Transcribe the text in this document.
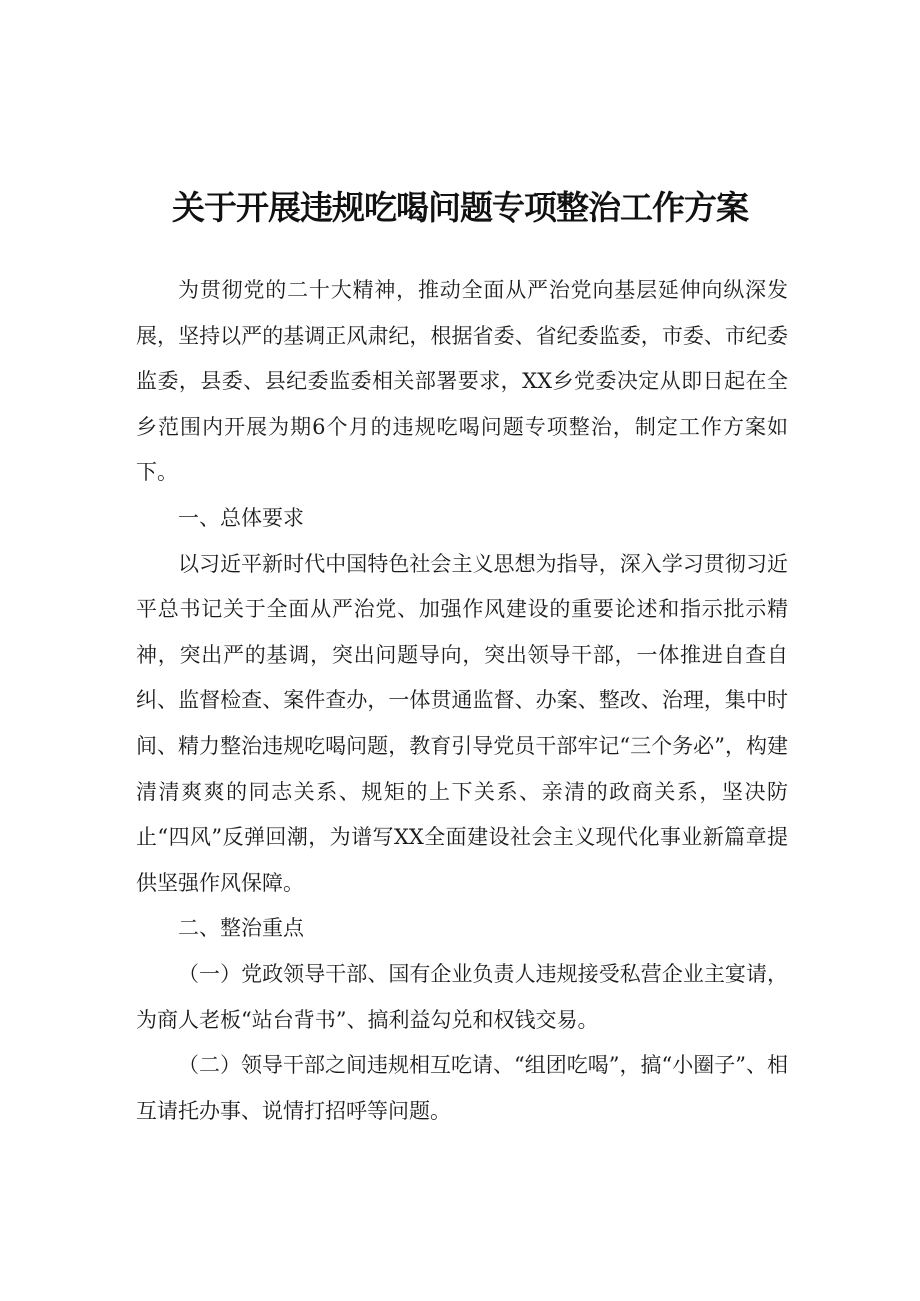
关于开展违规吃喝问题专项整治工作方案

为贯彻党的二十大精神，推动全面从严治党向基层延伸向纵深发展，坚持以严的基调正风肃纪，根据省委、省纪委监委，市委、市纪委监委，县委、县纪委监委相关部署要求，XX乡党委决定从即日起在全乡范围内开展为期6个月的违规吃喝问题专项整治，制定工作方案如下。

一、总体要求

以习近平新时代中国特色社会主义思想为指导，深入学习贯彻习近平总书记关于全面从严治党、加强作风建设的重要论述和指示批示精神，突出严的基调，突出问题导向，突出领导干部，一体推进自查自纠、监督检查、案件查办，一体贯通监督、办案、整改、治理，集中时间、精力整治违规吃喝问题，教育引导党员干部牢记“三个务必”，构建清清爽爽的同志关系、规矩的上下关系、亲清的政商关系，坚决防止“四风”反弹回潮，为谱写XX全面建设社会主义现代化事业新篇章提供坚强作风保障。

二、整治重点

（一）党政领导干部、国有企业负责人违规接受私营企业主宴请，为商人老板“站台背书”、搞利益勾兑和权钱交易。

（二）领导干部之间违规相互吃请、“组团吃喝”，搞“小圈子”、相互请托办事、说情打招呼等问题。
